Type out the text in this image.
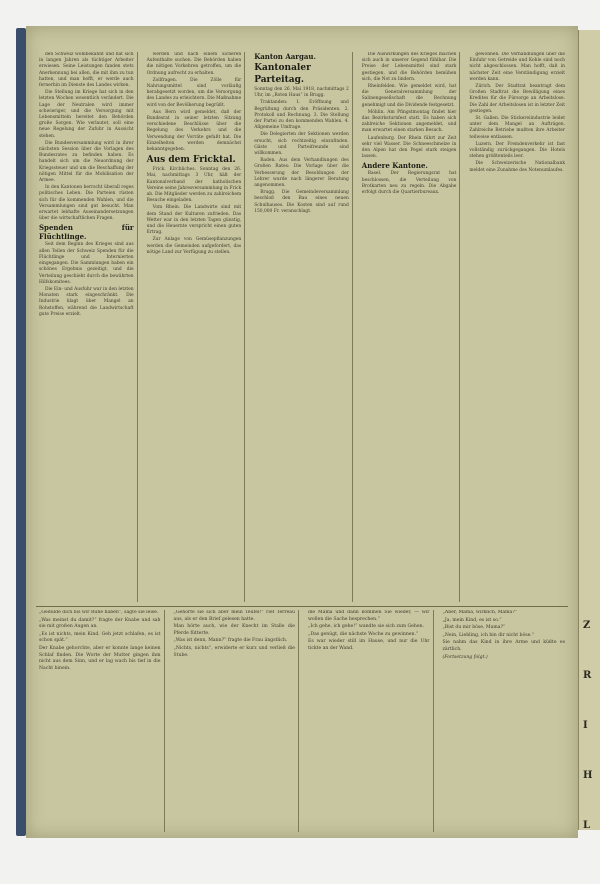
den Schweiz wohlbekannt und hat sich in langen Jahren als tüchtiger Arbeiter erwiesen. Seine Leistungen fanden stets Anerkennung bei allen, die mit ihm zu tun hatten, und man hofft, er werde auch fernerhin im Dienste des Landes wirken.

Die Stellung im Kriege hat sich in den letzten Wochen wesentlich verändert. Die Lage der Neutralen wird immer schwieriger, und die Versorgung mit Lebensmitteln bereitet den Behörden große Sorgen. Wie verlautet, soll eine neue Regelung der Zufuhr in Aussicht stehen.

Die Bundesversammlung wird in ihrer nächsten Session über die Vorlagen des Bundesrates zu befinden haben. Es handelt sich um die Neuordnung der Kriegssteuer und um die Beschaffung der nötigen Mittel für die Mobilisation der Armee.

In den Kantonen herrscht überall reges politisches Leben. Die Parteien rüsten sich für die kommenden Wahlen, und die Versammlungen sind gut besucht. Man erwartet lebhafte Auseinandersetzungen über die wirtschaftlichen Fragen.

Spenden für Flüchtlinge.

Seit dem Beginn des Krieges sind aus allen Teilen der Schweiz Spenden für die Flüchtlinge und Internierten eingegangen. Die Sammlungen haben ein schönes Ergebnis gezeitigt, und die Verteilung geschieht durch die bewährten Hilfskomitees.

Die Ein- und Ausfuhr war in den letzten Monaten stark eingeschränkt. Die Industrie klagt über Mangel an Rohstoffen, während die Landwirtschaft gute Preise erzielt.

werden und nach einem sicheren Aufenthalte suchen. Die Behörden haben die nötigen Vorkehren getroffen, um die Ordnung aufrecht zu erhalten.

Zollfragen. Die Zölle für Nahrungsmittel sind vorläufig herabgesetzt worden, um die Versorgung des Landes zu erleichtern. Die Maßnahme wird von der Bevölkerung begrüßt.

Aus Bern wird gemeldet, daß der Bundesrat in seiner letzten Sitzung verschiedene Beschlüsse über die Regelung des Verkehrs und die Verwendung der Vorräte gefaßt hat. Die Einzelheiten werden demnächst bekanntgegeben.

Aus dem Fricktal.

Frick. Kirchliches. Sonntag den 26. Mai, nachmittags 3 Uhr, hält der Kantonalverband der katholischen Vereine seine Jahresversammlung in Frick ab. Die Mitglieder werden zu zahlreichem Besuche eingeladen.

Vom Rhein. Die Landwirte sind mit dem Stand der Kulturen zufrieden. Das Wetter war in den letzten Tagen günstig, und die Heuernte verspricht einen guten Ertrag.

Zur Anlage von Gemüsepflanzungen werden die Gemeinden aufgefordert, das nötige Land zur Verfügung zu stellen.

Kanton Aargau.

Kantonaler Parteitag.

Sonntag den 26. Mai 1918, nachmittags 2 Uhr, im „Roten Haus“ in Brugg.

Traktanden: 1. Eröffnung und Begrüßung durch den Präsidenten. 2. Protokoll und Rechnung. 3. Die Stellung der Partei zu den kommenden Wahlen. 4. Allgemeine Umfrage.

Die Delegierten der Sektionen werden ersucht, sich rechtzeitig einzufinden. Gäste und Parteifreunde sind willkommen.

Baden. Aus dem Verhandlungen des Großen Rates: Die Vorlage über die Verbesserung der Besoldungen der Lehrer wurde nach längerer Beratung angenommen.

Brugg. Die Gemeindeversammlung beschloß den Bau eines neuen Schulhauses. Die Kosten sind auf rund 150,000 Fr. veranschlagt.

Die Auswirkungen des Krieges machen sich auch in unserer Gegend fühlbar. Die Preise der Lebensmittel sind stark gestiegen, und die Behörden bemühen sich, die Not zu lindern.

Rheinfelden. Wie gemeldet wird, hat die Generalversammlung der Salinengesellschaft die Rechnung genehmigt und die Dividende festgesetzt.

Möhlin. Am Pfingstmontag findet hier das Bezirksturnfest statt. Es haben sich zahlreiche Sektionen angemeldet, und man erwartet einen starken Besuch.

Laufenburg. Der Rhein führt zur Zeit sehr viel Wasser. Die Schneeschmelze in den Alpen hat den Pegel stark steigen lassen.

Andere Kantone.

Basel. Der Regierungsrat hat beschlossen, die Verteilung von Brotkarten neu zu regeln. Die Abgabe erfolgt durch die Quartierbureaux.

gewonnen. Die Verhandlungen über die Einfuhr von Getreide und Kohle sind noch nicht abgeschlossen. Man hofft, daß in nächster Zeit eine Verständigung erzielt werden kann.

Zürich. Der Stadtrat beantragt dem Großen Stadtrat die Bewilligung eines Kredites für die Fürsorge an Arbeitslose. Die Zahl der Arbeitslosen ist in letzter Zeit gestiegen.

St. Gallen. Die Stickereiindustrie leidet unter dem Mangel an Aufträgen. Zahlreiche Betriebe mußten ihre Arbeiter teilweise entlassen.

Luzern. Der Fremdenverkehr ist fast vollständig zurückgegangen. Die Hotels stehen größtenteils leer.

Die Schweizerische Nationalbank meldet eine Zunahme des Notenumlaufes.

„Gedulde dich bis wir Ruhe haben“, sagte sie leise.

„Was meinst du damit?“ fragte der Knabe und sah sie mit großen Augen an.

„Es ist nichts, mein Kind. Geh jetzt schlafen, es ist schon spät.“

Der Knabe gehorchte, aber er konnte lange keinen Schlaf finden. Die Worte der Mutter gingen ihm nicht aus dem Sinn, und er lag wach bis tief in die Nacht hinein.

„Gehörte sie sich aber mein Teufel!“ rief Terreau aus, als er den Brief gelesen hatte.

Man hörte auch, wie der Knecht im Stalle die Pferde fütterte.

„Was ist denn, Mann?“ fragte die Frau ängstlich.

„Nichts, nichts“, erwiderte er kurz und verließ die Stube.

die Mama und dann kommen Sie wieder, — wir wollen die Sache besprechen.“

„Ich gehe, ich gehe!“ wandte sie sich zum Gehen.

„Das genügt, die nächste Woche zu gewinnen.“

Es war wieder still im Hause, und nur die Uhr tickte an der Wand.

„Aber, Mama, wirklich, Mama?“

„Ja, mein Kind, es ist so.“

„Bist du mir böse, Mama?“

„Nein, Liebling, ich bin dir nicht böse.“

Sie nahm das Kind in ihre Arme und küßte es zärtlich.

(Fortsetzung folgt.)

Z
R
I
H
L
